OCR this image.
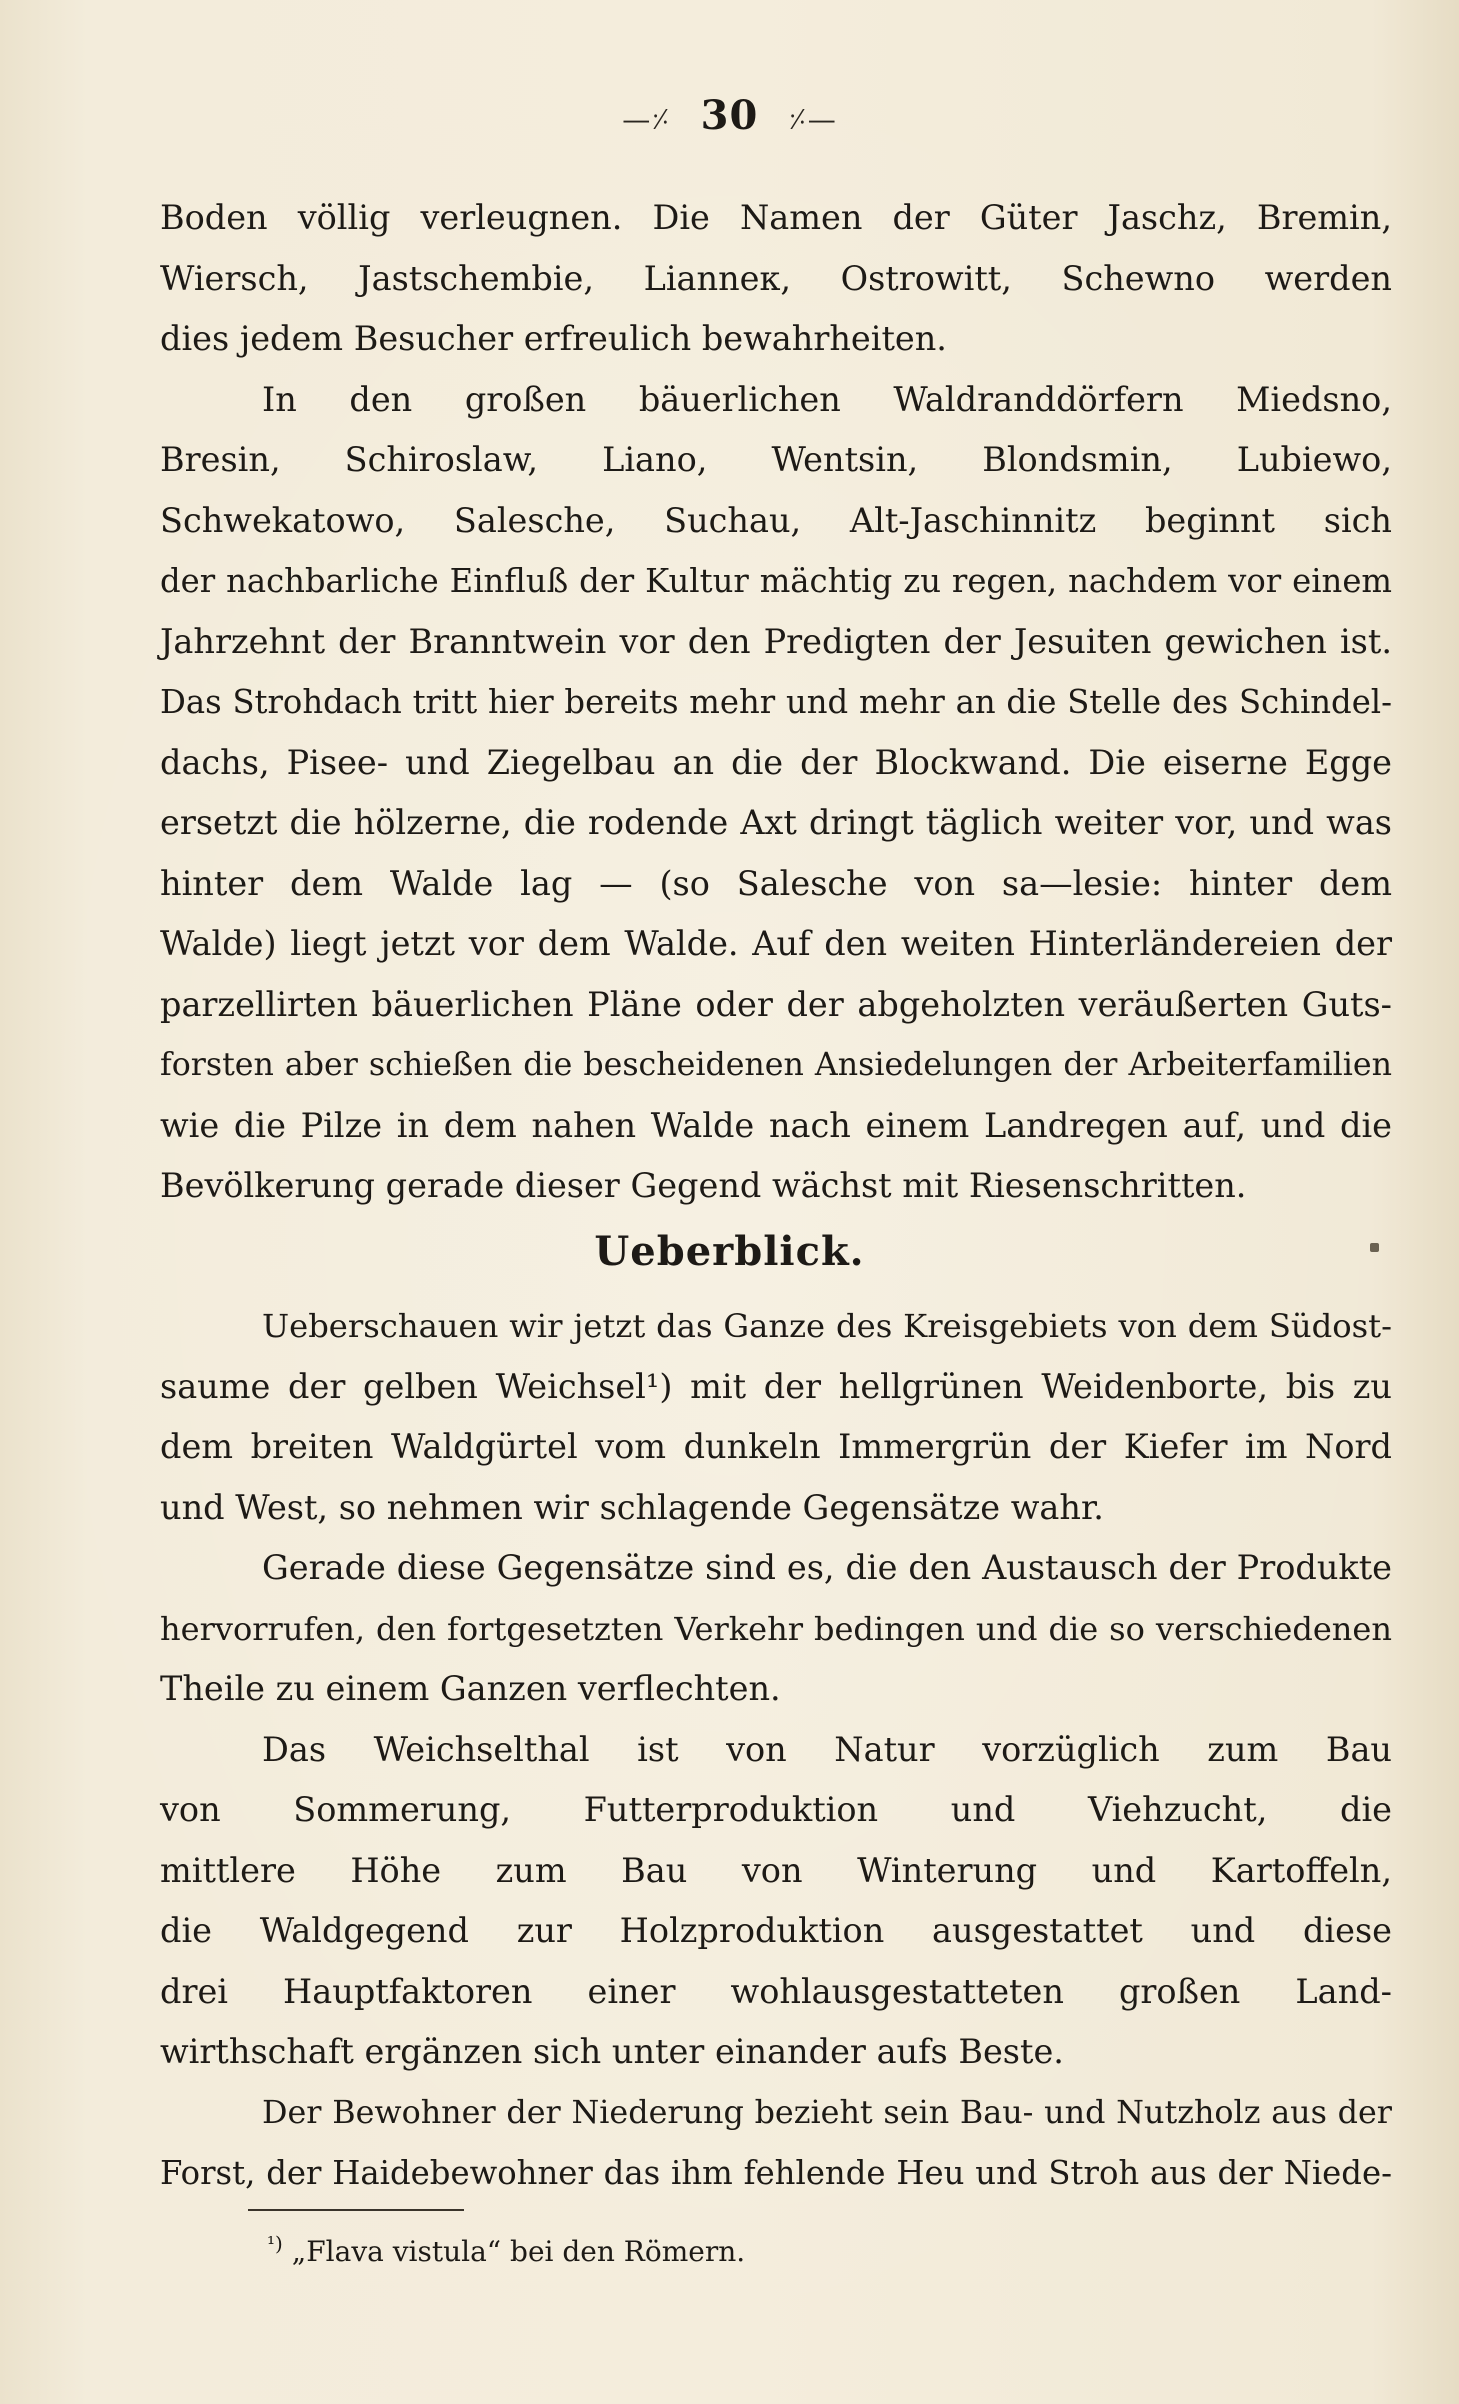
—⸓ 30 ⸓—

Boden völlig verleugnen. Die Namen der Güter Jaschz, Bremin,
Wiersch, Jastschembie, Lianneк, Ostrowitt, Schewno werden
dies jedem Besucher erfreulich bewahrheiten.

In den großen bäuerlichen Waldranddörfern Miedsno,
Bresin, Schiroslaw, Liano, Wentsin, Blondsmin, Lubiewo,
Schwekatowo, Salesche, Suchau, Alt-Jaschinnitz beginnt sich
der nachbarliche Einfluß der Kultur mächtig zu regen, nachdem vor einem
Jahrzehnt der Branntwein vor den Predigten der Jesuiten gewichen ist.
Das Strohdach tritt hier bereits mehr und mehr an die Stelle des Schindel-
dachs, Pisee- und Ziegelbau an die der Blockwand. Die eiserne Egge
ersetzt die hölzerne, die rodende Axt dringt täglich weiter vor, und was
hinter dem Walde lag — (so Salesche von sa—lesie: hinter dem
Walde) liegt jetzt vor dem Walde. Auf den weiten Hinterländereien der
parzellirten bäuerlichen Pläne oder der abgeholzten veräußerten Guts-
forsten aber schießen die bescheidenen Ansiedelungen der Arbeiterfamilien
wie die Pilze in dem nahen Walde nach einem Landregen auf, und die
Bevölkerung gerade dieser Gegend wächst mit Riesenschritten.

Ueberblick.

Ueberschauen wir jetzt das Ganze des Kreisgebiets von dem Südost-
saume der gelben Weichsel¹) mit der hellgrünen Weidenborte, bis zu
dem breiten Waldgürtel vom dunkeln Immergrün der Kiefer im Nord
und West, so nehmen wir schlagende Gegensätze wahr.

Gerade diese Gegensätze sind es, die den Austausch der Produkte
hervorrufen, den fortgesetzten Verkehr bedingen und die so verschiedenen
Theile zu einem Ganzen verflechten.

Das Weichselthal ist von Natur vorzüglich zum Bau
von Sommerung, Futterproduktion und Viehzucht, die
mittlere Höhe zum Bau von Winterung und Kartoffeln,
die Waldgegend zur Holzproduktion ausgestattet und diese
drei Hauptfaktoren einer wohlausgestatteten großen Land-
wirthschaft ergänzen sich unter einander aufs Beste.

Der Bewohner der Niederung bezieht sein Bau- und Nutzholz aus der
Forst, der Haidebewohner das ihm fehlende Heu und Stroh aus der Niede-

$^{^1)}$ „Flava vistula“ bei den Römern.
